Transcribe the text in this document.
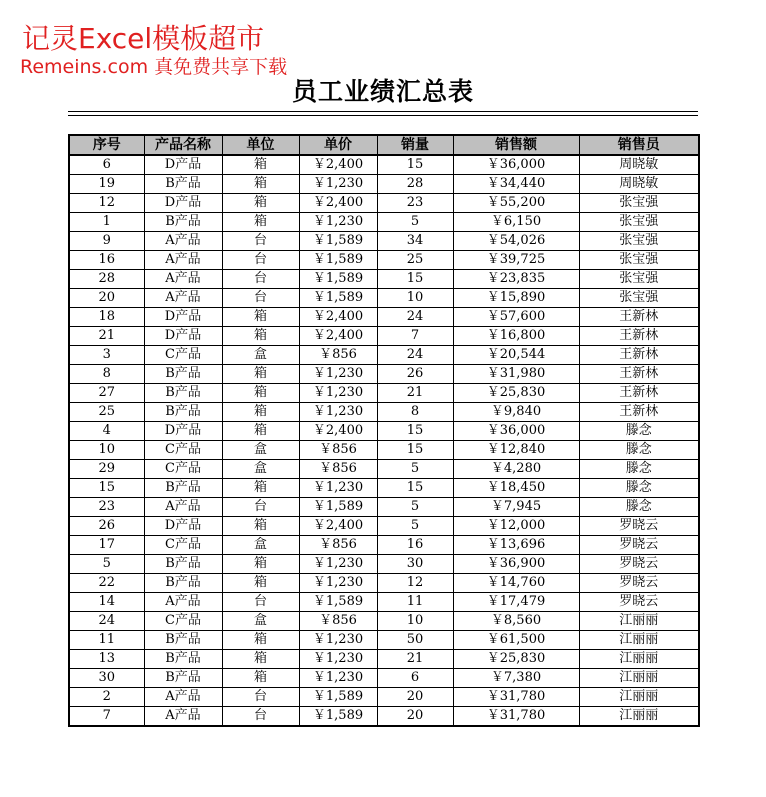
记灵Excel模板超市
Remeins.com 真免费共享下载
员工业绩汇总表
序号	产品名称	单位	单价	销量	销售额	销售员
6	D产品	箱	￥2,400	15	￥36,000	周晓敏
19	B产品	箱	￥1,230	28	￥34,440	周晓敏
12	D产品	箱	￥2,400	23	￥55,200	张宝强
1	B产品	箱	￥1,230	5	￥6,150	张宝强
9	A产品	台	￥1,589	34	￥54,026	张宝强
16	A产品	台	￥1,589	25	￥39,725	张宝强
28	A产品	台	￥1,589	15	￥23,835	张宝强
20	A产品	台	￥1,589	10	￥15,890	张宝强
18	D产品	箱	￥2,400	24	￥57,600	王新林
21	D产品	箱	￥2,400	7	￥16,800	王新林
3	C产品	盒	￥856	24	￥20,544	王新林
8	B产品	箱	￥1,230	26	￥31,980	王新林
27	B产品	箱	￥1,230	21	￥25,830	王新林
25	B产品	箱	￥1,230	8	￥9,840	王新林
4	D产品	箱	￥2,400	15	￥36,000	滕念
10	C产品	盒	￥856	15	￥12,840	滕念
29	C产品	盒	￥856	5	￥4,280	滕念
15	B产品	箱	￥1,230	15	￥18,450	滕念
23	A产品	台	￥1,589	5	￥7,945	滕念
26	D产品	箱	￥2,400	5	￥12,000	罗晓云
17	C产品	盒	￥856	16	￥13,696	罗晓云
5	B产品	箱	￥1,230	30	￥36,900	罗晓云
22	B产品	箱	￥1,230	12	￥14,760	罗晓云
14	A产品	台	￥1,589	11	￥17,479	罗晓云
24	C产品	盒	￥856	10	￥8,560	江丽丽
11	B产品	箱	￥1,230	50	￥61,500	江丽丽
13	B产品	箱	￥1,230	21	￥25,830	江丽丽
30	B产品	箱	￥1,230	6	￥7,380	江丽丽
2	A产品	台	￥1,589	20	￥31,780	江丽丽
7	A产品	台	￥1,589	20	￥31,780	江丽丽
